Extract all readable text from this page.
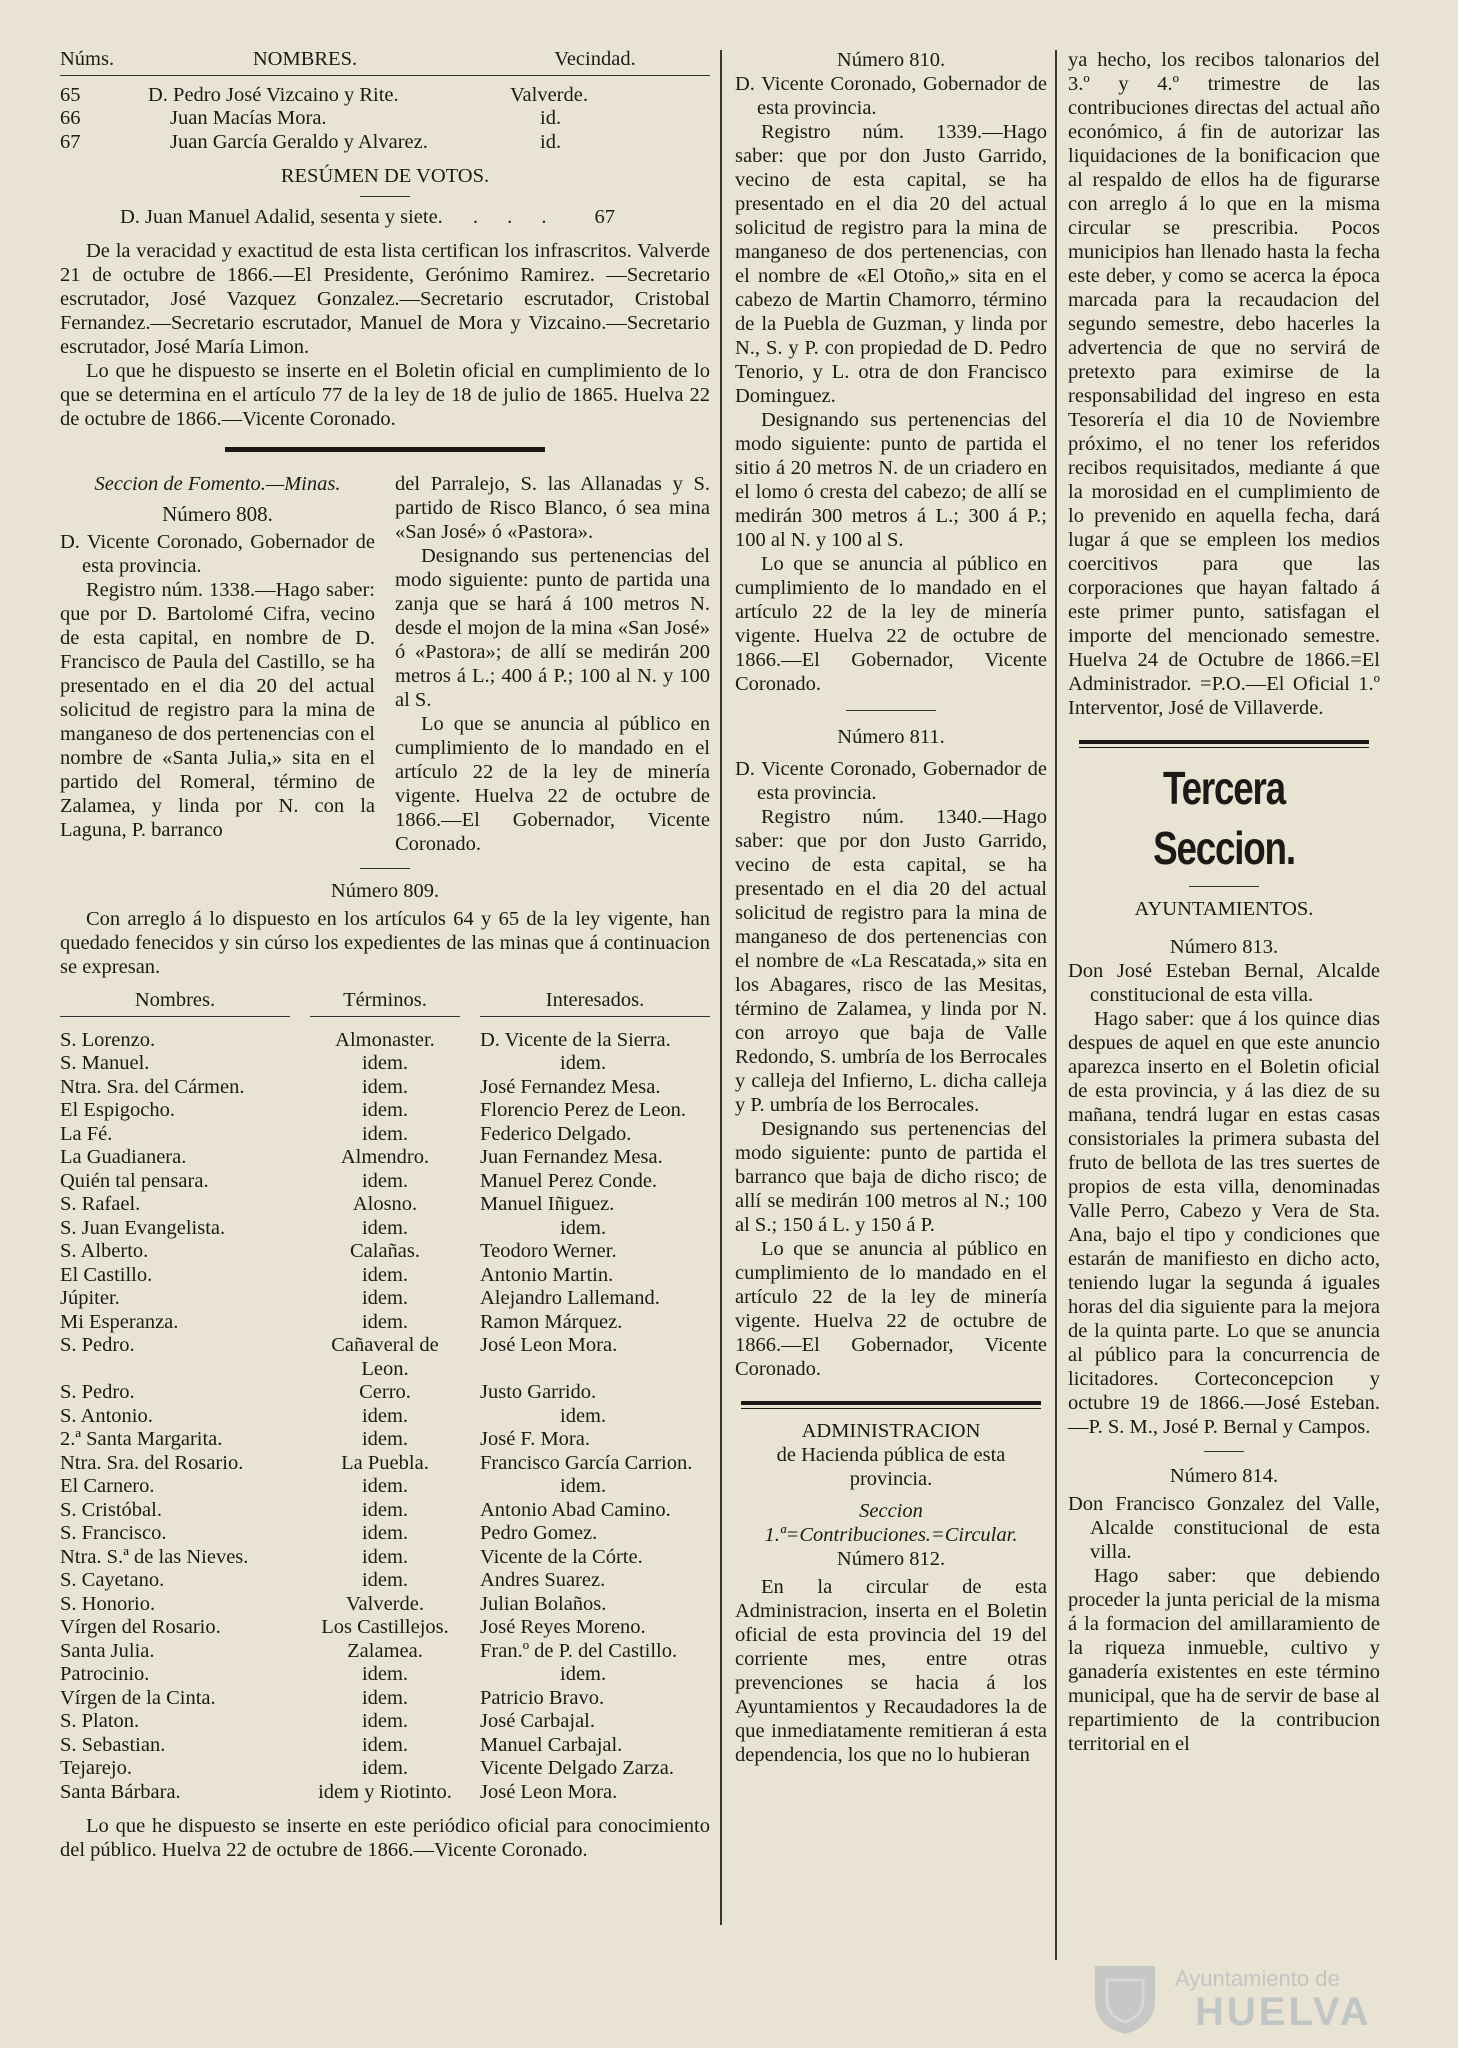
Núms.	NOMBRES.	Vecindad.

65	D. Pedro José Vizcaino y Rite.	Valverde.
66	Juan Macías Mora.	id.
67	Juan García Geraldo y Alvarez.	id.

RESÚMEN DE VOTOS.

D. Juan Manuel Adalid, sesenta y siete. . . . 67

De la veracidad y exactitud de esta lista certifican los infrascritos. Valverde 21 de octubre de 1866.—El Presidente, Gerónimo Ramirez. —Secretario escrutador, José Vazquez Gonzalez.—Secretario escrutador, Cristobal Fernandez.—Secretario escrutador, Manuel de Mora y Vizcaino.—Secretario escrutador, José María Limon.

Lo que he dispuesto se inserte en el Boletin oficial en cumplimiento de lo que se determina en el artículo 77 de la ley de 18 de julio de 1865. Huelva 22 de octubre de 1866.—Vicente Coronado.

Seccion de Fomento.—Minas.

Número 808.

D. Vicente Coronado, Gobernador de esta provincia.

Registro núm. 1338.—Hago saber: que por D. Bartolomé Cifra, vecino de esta capital, en nombre de D. Francisco de Paula del Castillo, se ha presentado en el dia 20 del actual solicitud de registro para la mina de manganeso de dos pertenencias con el nombre de «Santa Julia,» sita en el partido del Romeral, término de Zalamea, y linda por N. con la Laguna, P. barranco

del Parralejo, S. las Allanadas y S. partido de Risco Blanco, ó sea mina «San José» ó «Pastora».

Designando sus pertenencias del modo siguiente: punto de partida una zanja que se hará á 100 metros N. desde el mojon de la mina «San José» ó «Pastora»; de allí se medirán 200 metros á L.; 400 á P.; 100 al N. y 100 al S.

Lo que se anuncia al público en cumplimiento de lo mandado en el artículo 22 de la ley de minería vigente. Huelva 22 de octubre de 1866.—El Gobernador, Vicente Coronado.

Número 809.

Con arreglo á lo dispuesto en los artículos 64 y 65 de la ley vigente, han quedado fenecidos y sin cúrso los expedientes de las minas que á continuacion se expresan.

Nombres.		Términos.		Interesados.

S. Lorenzo.		Almonaster.		D. Vicente de la Sierra.
S. Manuel.		idem.		idem.
Ntra. Sra. del Cármen.		idem.		José Fernandez Mesa.
El Espigocho.		idem.		Florencio Perez de Leon.
La Fé.		idem.		Federico Delgado.
La Guadianera.		Almendro.		Juan Fernandez Mesa.
Quién tal pensara.		idem.		Manuel Perez Conde.
S. Rafael.		Alosno.		Manuel Iñiguez.
S. Juan Evangelista.		idem.		idem.
S. Alberto.		Calañas.		Teodoro Werner.
El Castillo.		idem.		Antonio Martin.
Júpiter.		idem.		Alejandro Lallemand.
Mi Esperanza.		idem.		Ramon Márquez.
S. Pedro.		Cañaveral de Leon.		José Leon Mora.
S. Pedro.		Cerro.		Justo Garrido.
S. Antonio.		idem.		idem.
2.ª Santa Margarita.		idem.		José F. Mora.
Ntra. Sra. del Rosario.		La Puebla.		Francisco García Carrion.
El Carnero.		idem.		idem.
S. Cristóbal.		idem.		Antonio Abad Camino.
S. Francisco.		idem.		Pedro Gomez.
Ntra. S.ª de las Nieves.		idem.		Vicente de la Córte.
S. Cayetano.		idem.		Andres Suarez.
S. Honorio.		Valverde.		Julian Bolaños.
Vírgen del Rosario.		Los Castillejos.		José Reyes Moreno.
Santa Julia.		Zalamea.		Fran.º de P. del Castillo.
Patrocinio.		idem.		idem.
Vírgen de la Cinta.		idem.		Patricio Bravo.
S. Platon.		idem.		José Carbajal.
S. Sebastian.		idem.		Manuel Carbajal.
Tejarejo.		idem.		Vicente Delgado Zarza.
Santa Bárbara.		idem y Riotinto.		José Leon Mora.

Lo que he dispuesto se inserte en este periódico oficial para conocimiento del público. Huelva 22 de octubre de 1866.—Vicente Coronado.

Número 810.

D. Vicente Coronado, Gobernador de esta provincia.

Registro núm. 1339.—Hago saber: que por don Justo Garrido, vecino de esta capital, se ha presentado en el dia 20 del actual solicitud de registro para la mina de manganeso de dos pertenencias, con el nombre de «El Otoño,» sita en el cabezo de Martin Chamorro, término de la Puebla de Guzman, y linda por N., S. y P. con propiedad de D. Pedro Tenorio, y L. otra de don Francisco Dominguez.

Designando sus pertenencias del modo siguiente: punto de partida el sitio á 20 metros N. de un criadero en el lomo ó cresta del cabezo; de allí se medirán 300 metros á L.; 300 á P.; 100 al N. y 100 al S.

Lo que se anuncia al público en cumplimiento de lo mandado en el artículo 22 de la ley de minería vigente. Huelva 22 de octubre de 1866.—El Gobernador, Vicente Coronado.

Número 811.

D. Vicente Coronado, Gobernador de esta provincia.

Registro núm. 1340.—Hago saber: que por don Justo Garrido, vecino de esta capital, se ha presentado en el dia 20 del actual solicitud de registro para la mina de manganeso de dos pertenencias con el nombre de «La Rescatada,» sita en los Abagares, risco de las Mesitas, término de Zalamea, y linda por N. con arroyo que baja de Valle Redondo, S. umbría de los Berrocales y calleja del Infierno, L. dicha calleja y P. umbría de los Berrocales.

Designando sus pertenencias del modo siguiente: punto de partida el barranco que baja de dicho risco; de allí se medirán 100 metros al N.; 100 al S.; 150 á L. y 150 á P.

Lo que se anuncia al público en cumplimiento de lo mandado en el artículo 22 de la ley de minería vigente. Huelva 22 de octubre de 1866.—El Gobernador, Vicente Coronado.

ADMINISTRACION

de Hacienda pública de esta provincia.

Seccion 1.ª=Contribuciones.=Circular.

Número 812.

En la circular de esta Administracion, inserta en el Boletin oficial de esta provincia del 19 del corriente mes, entre otras prevenciones se hacia á los Ayuntamientos y Recaudadores la de que inmediatamente remitieran á esta dependencia, los que no lo hubieran

ya hecho, los recibos talonarios del 3.º y 4.º trimestre de las contribuciones directas del actual año económico, á fin de autorizar las liquidaciones de la bonificacion que al respaldo de ellos ha de figurarse con arreglo á lo que en la misma circular se prescribia. Pocos municipios han llenado hasta la fecha este deber, y como se acerca la época marcada para la recaudacion del segundo semestre, debo hacerles la advertencia de que no servirá de pretexto para eximirse de la responsabilidad del ingreso en esta Tesorería el dia 10 de Noviembre próximo, el no tener los referidos recibos requisitados, mediante á que la morosidad en el cumplimiento de lo prevenido en aquella fecha, dará lugar á que se empleen los medios coercitivos para que las corporaciones que hayan faltado á este primer punto, satisfagan el importe del mencionado semestre. Huelva 24 de Octubre de 1866.=El Administrador. =P.O.—El Oficial 1.º Interventor, José de Villaverde.

Tercera Seccion.

AYUNTAMIENTOS.

Número 813.

Don José Esteban Bernal, Alcalde constitucional de esta villa.

Hago saber: que á los quince dias despues de aquel en que este anuncio aparezca inserto en el Boletin oficial de esta provincia, y á las diez de su mañana, tendrá lugar en estas casas consistoriales la primera subasta del fruto de bellota de las tres suertes de propios de esta villa, denominadas Valle Perro, Cabezo y Vera de Sta. Ana, bajo el tipo y condiciones que estarán de manifiesto en dicho acto, teniendo lugar la segunda á iguales horas del dia siguiente para la mejora de la quinta parte. Lo que se anuncia al público para la concurrencia de licitadores. Corteconcepcion y octubre 19 de 1866.—José Esteban.—P. S. M., José P. Bernal y Campos.

Número 814.

Don Francisco Gonzalez del Valle, Alcalde constitucional de esta villa.

Hago saber: que debiendo proceder la junta pericial de la misma á la formacion del amillaramiento de la riqueza inmueble, cultivo y ganadería existentes en este término municipal, que ha de servir de base al repartimiento de la contribucion territorial en el

Ayuntamiento de
HUELVA
